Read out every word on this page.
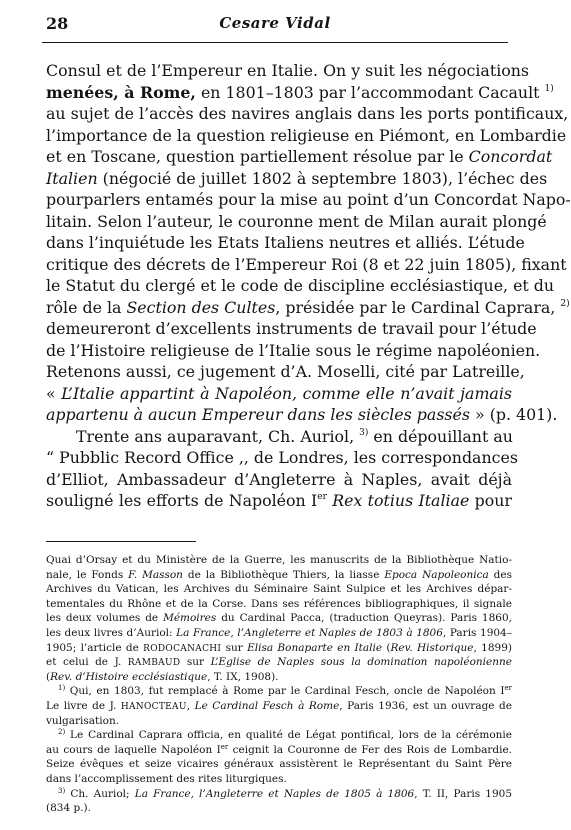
28	Cesare Vidal
Consul et de l’Empereur en Italie. On y suit les négociations
menées, à Rome, en 1801–1803 par l’accommodant Cacault $^{1)}$
au sujet de l’accès des navires anglais dans les ports pontificaux,
l’importance de la question religieuse en Piémont, en Lombardie
et en Toscane, question partiellement résolue par le Concordat
Italien (négocié de juillet 1802 à septembre 1803), l’échec des
pourparlers entamés pour la mise au point d’un Concordat Napo-
litain. Selon l’auteur, le couronne ment de Milan aurait plongé
dans l’inquiétude les Etats Italiens neutres et alliés. L’étude
critique des décrets de l’Empereur Roi (8 et 22 juin 1805), fixant
le Statut du clergé et le code de discipline ecclésiastique, et du
rôle de la Section des Cultes, présidée par le Cardinal Caprara, $^{2)}$
demeureront d’excellents instruments de travail pour l’étude
de l’Histoire religieuse de l’Italie sous le régime napoléonien.
Retenons aussi, ce jugement d’A. Moselli, cité par Latreille,
« L’Italie appartint à Napoléon, comme elle n’avait jamais
appartenu à aucun Empereur dans les siècles passés » (p. 401).
Trente ans auparavant, Ch. Auriol, $^{3)}$ en dépouillant au
“ Pubblic Record Office ,, de Londres, les correspondances
d’Elliot, Ambassadeur d’Angleterre à Naples, avait déjà
souligné les efforts de Napoléon Ier Rex totius Italiae pour
Quai d’Orsay et du Ministère de la Guerre, les manuscrits de la Bibliothèque Natio-
nale, le Fonds F. Masson de la Bibliothèque Thiers, la liasse Epoca Napoleonica des
Archives du Vatican, les Archives du Séminaire Saint Sulpice et les Archives dépar-
tementales du Rhône et de la Corse. Dans ses références bibliographiques, il signale
les deux volumes de Mémoires du Cardinal Pacca, (traduction Queyras). Paris 1860,
les deux livres d’Auriol: La France, l’Angleterre et Naples de 1803 à 1806, Paris 1904–
1905; l’article de RODOCANACHI sur Elisa Bonaparte en Italie (Rev. Historique, 1899)
et celui de J. RAMBAUD sur L’Eglise de Naples sous la domination napoléonienne
(Rev. d’Histoire ecclésiastique, T. IX, 1908).
$^{1)}$ Qui, en 1803, fut remplacé à Rome par le Cardinal Fesch, oncle de Napoléon Ier
Le livre de J. HANOCTEAU, Le Cardinal Fesch à Rome, Paris 1936, est un ouvrage de
vulgarisation.
$^{2)}$ Le Cardinal Caprara officia, en qualité de Légat pontifical, lors de la cérémonie
au cours de laquelle Napoléon Ier ceignit la Couronne de Fer des Rois de Lombardie.
Seize évêques et seize vicaires généraux assistèrent le Représentant du Saint Père
dans l’accomplissement des rites liturgiques.
$^{3)}$ Ch. Auriol; La France, l’Angleterre et Naples de 1805 à 1806, T. II, Paris 1905
(834 p.).
